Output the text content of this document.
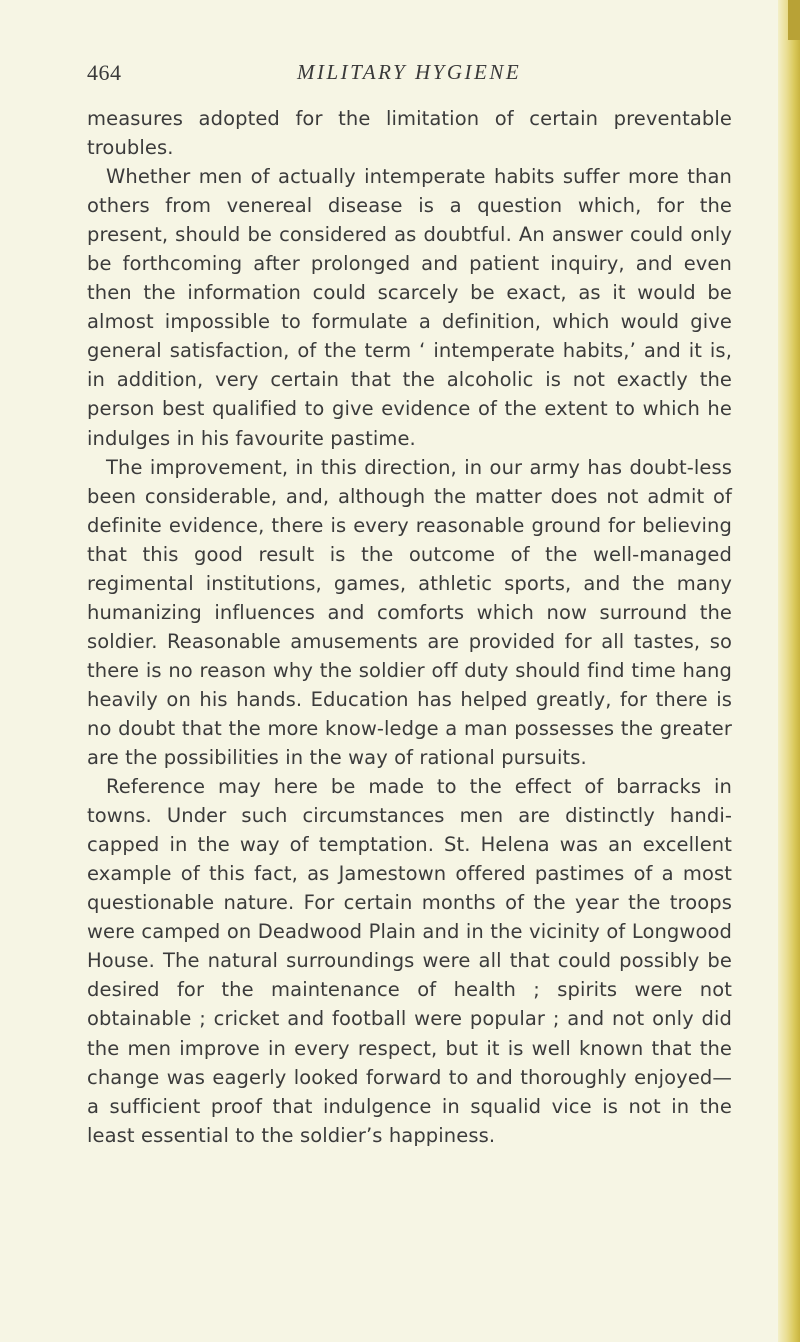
464	MILITARY HYGIENE

measures adopted for the limitation of certain preventable troubles.

Whether men of actually intemperate habits suffer more than others from venereal disease is a question which, for the present, should be considered as doubtful. An answer could only be forthcoming after prolonged and patient inquiry, and even then the information could scarcely be exact, as it would be almost impossible to formulate a definition, which would give general satisfaction, of the term ‘ intemperate habits,’ and it is, in addition, very certain that the alcoholic is not exactly the person best qualified to give evidence of the extent to which he indulges in his favourite pastime.

The improvement, in this direction, in our army has doubt-less been considerable, and, although the matter does not admit of definite evidence, there is every reasonable ground for believing that this good result is the outcome of the well-managed regimental institutions, games, athletic sports, and the many humanizing influences and comforts which now surround the soldier. Reasonable amusements are provided for all tastes, so there is no reason why the soldier off duty should find time hang heavily on his hands. Education has helped greatly, for there is no doubt that the more know-ledge a man possesses the greater are the possibilities in the way of rational pursuits.

Reference may here be made to the effect of barracks in towns. Under such circumstances men are distinctly handi-capped in the way of temptation. St. Helena was an excellent example of this fact, as Jamestown offered pastimes of a most questionable nature. For certain months of the year the troops were camped on Deadwood Plain and in the vicinity of Longwood House. The natural surroundings were all that could possibly be desired for the maintenance of health ; spirits were not obtainable ; cricket and football were popular ; and not only did the men improve in every respect, but it is well known that the change was eagerly looked forward to and thoroughly enjoyed—a sufficient proof that indulgence in squalid vice is not in the least essential to the soldier’s happiness.
